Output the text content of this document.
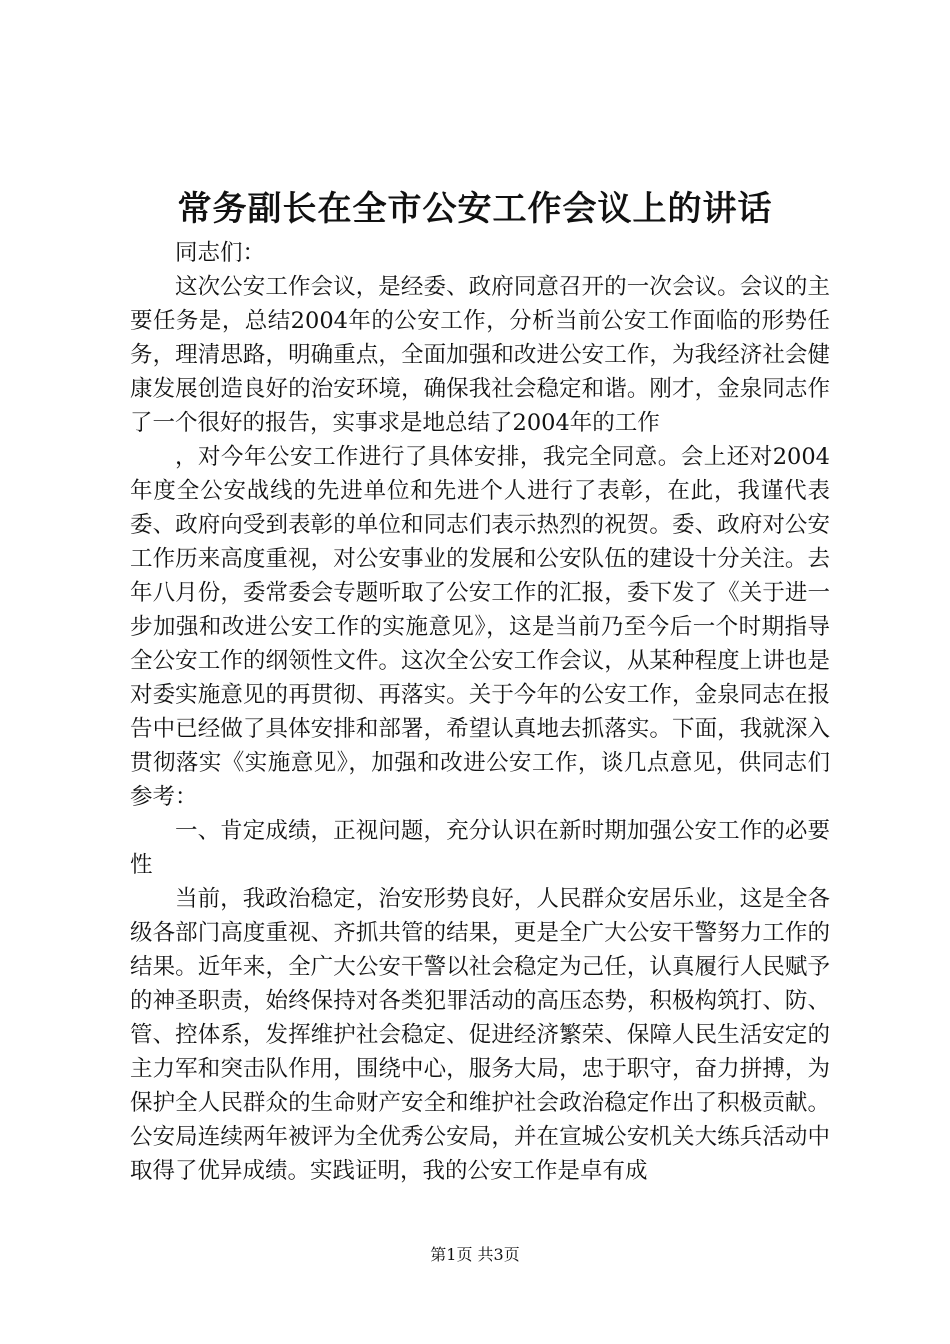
常务副长在全市公安工作会议上的讲话

同志们：

这次公安工作会议，是经委、政府同意召开的一次会议。会议的主要任务是，总结2004年的公安工作，分析当前公安工作面临的形势任务，理清思路，明确重点，全面加强和改进公安工作，为我经济社会健康发展创造良好的治安环境，确保我社会稳定和谐。刚才，金泉同志作了一个很好的报告，实事求是地总结了2004年的工作

，对今年公安工作进行了具体安排，我完全同意。会上还对2004年度全公安战线的先进单位和先进个人进行了表彰，在此，我谨代表委、政府向受到表彰的单位和同志们表示热烈的祝贺。委、政府对公安工作历来高度重视，对公安事业的发展和公安队伍的建设十分关注。去年八月份，委常委会专题听取了公安工作的汇报，委下发了《关于进一步加强和改进公安工作的实施意见》，这是当前乃至今后一个时期指导全公安工作的纲领性文件。这次全公安工作会议，从某种程度上讲也是对委实施意见的再贯彻、再落实。关于今年的公安工作，金泉同志在报告中已经做了具体安排和部署，希望认真地去抓落实。下面，我就深入贯彻落实《实施意见》，加强和改进公安工作，谈几点意见，供同志们参考：

一、肯定成绩，正视问题，充分认识在新时期加强公安工作的必要性

当前，我政治稳定，治安形势良好，人民群众安居乐业，这是全各级各部门高度重视、齐抓共管的结果，更是全广大公安干警努力工作的结果。近年来，全广大公安干警以社会稳定为己任，认真履行人民赋予的神圣职责，始终保持对各类犯罪活动的高压态势，积极构筑打、防、管、控体系，发挥维护社会稳定、促进经济繁荣、保障人民生活安定的主力军和突击队作用，围绕中心，服务大局，忠于职守，奋力拼搏，为保护全人民群众的生命财产安全和维护社会政治稳定作出了积极贡献。公安局连续两年被评为全优秀公安局，并在宣城公安机关大练兵活动中取得了优异成绩。实践证明，我的公安工作是卓有成

第1页 共3页
